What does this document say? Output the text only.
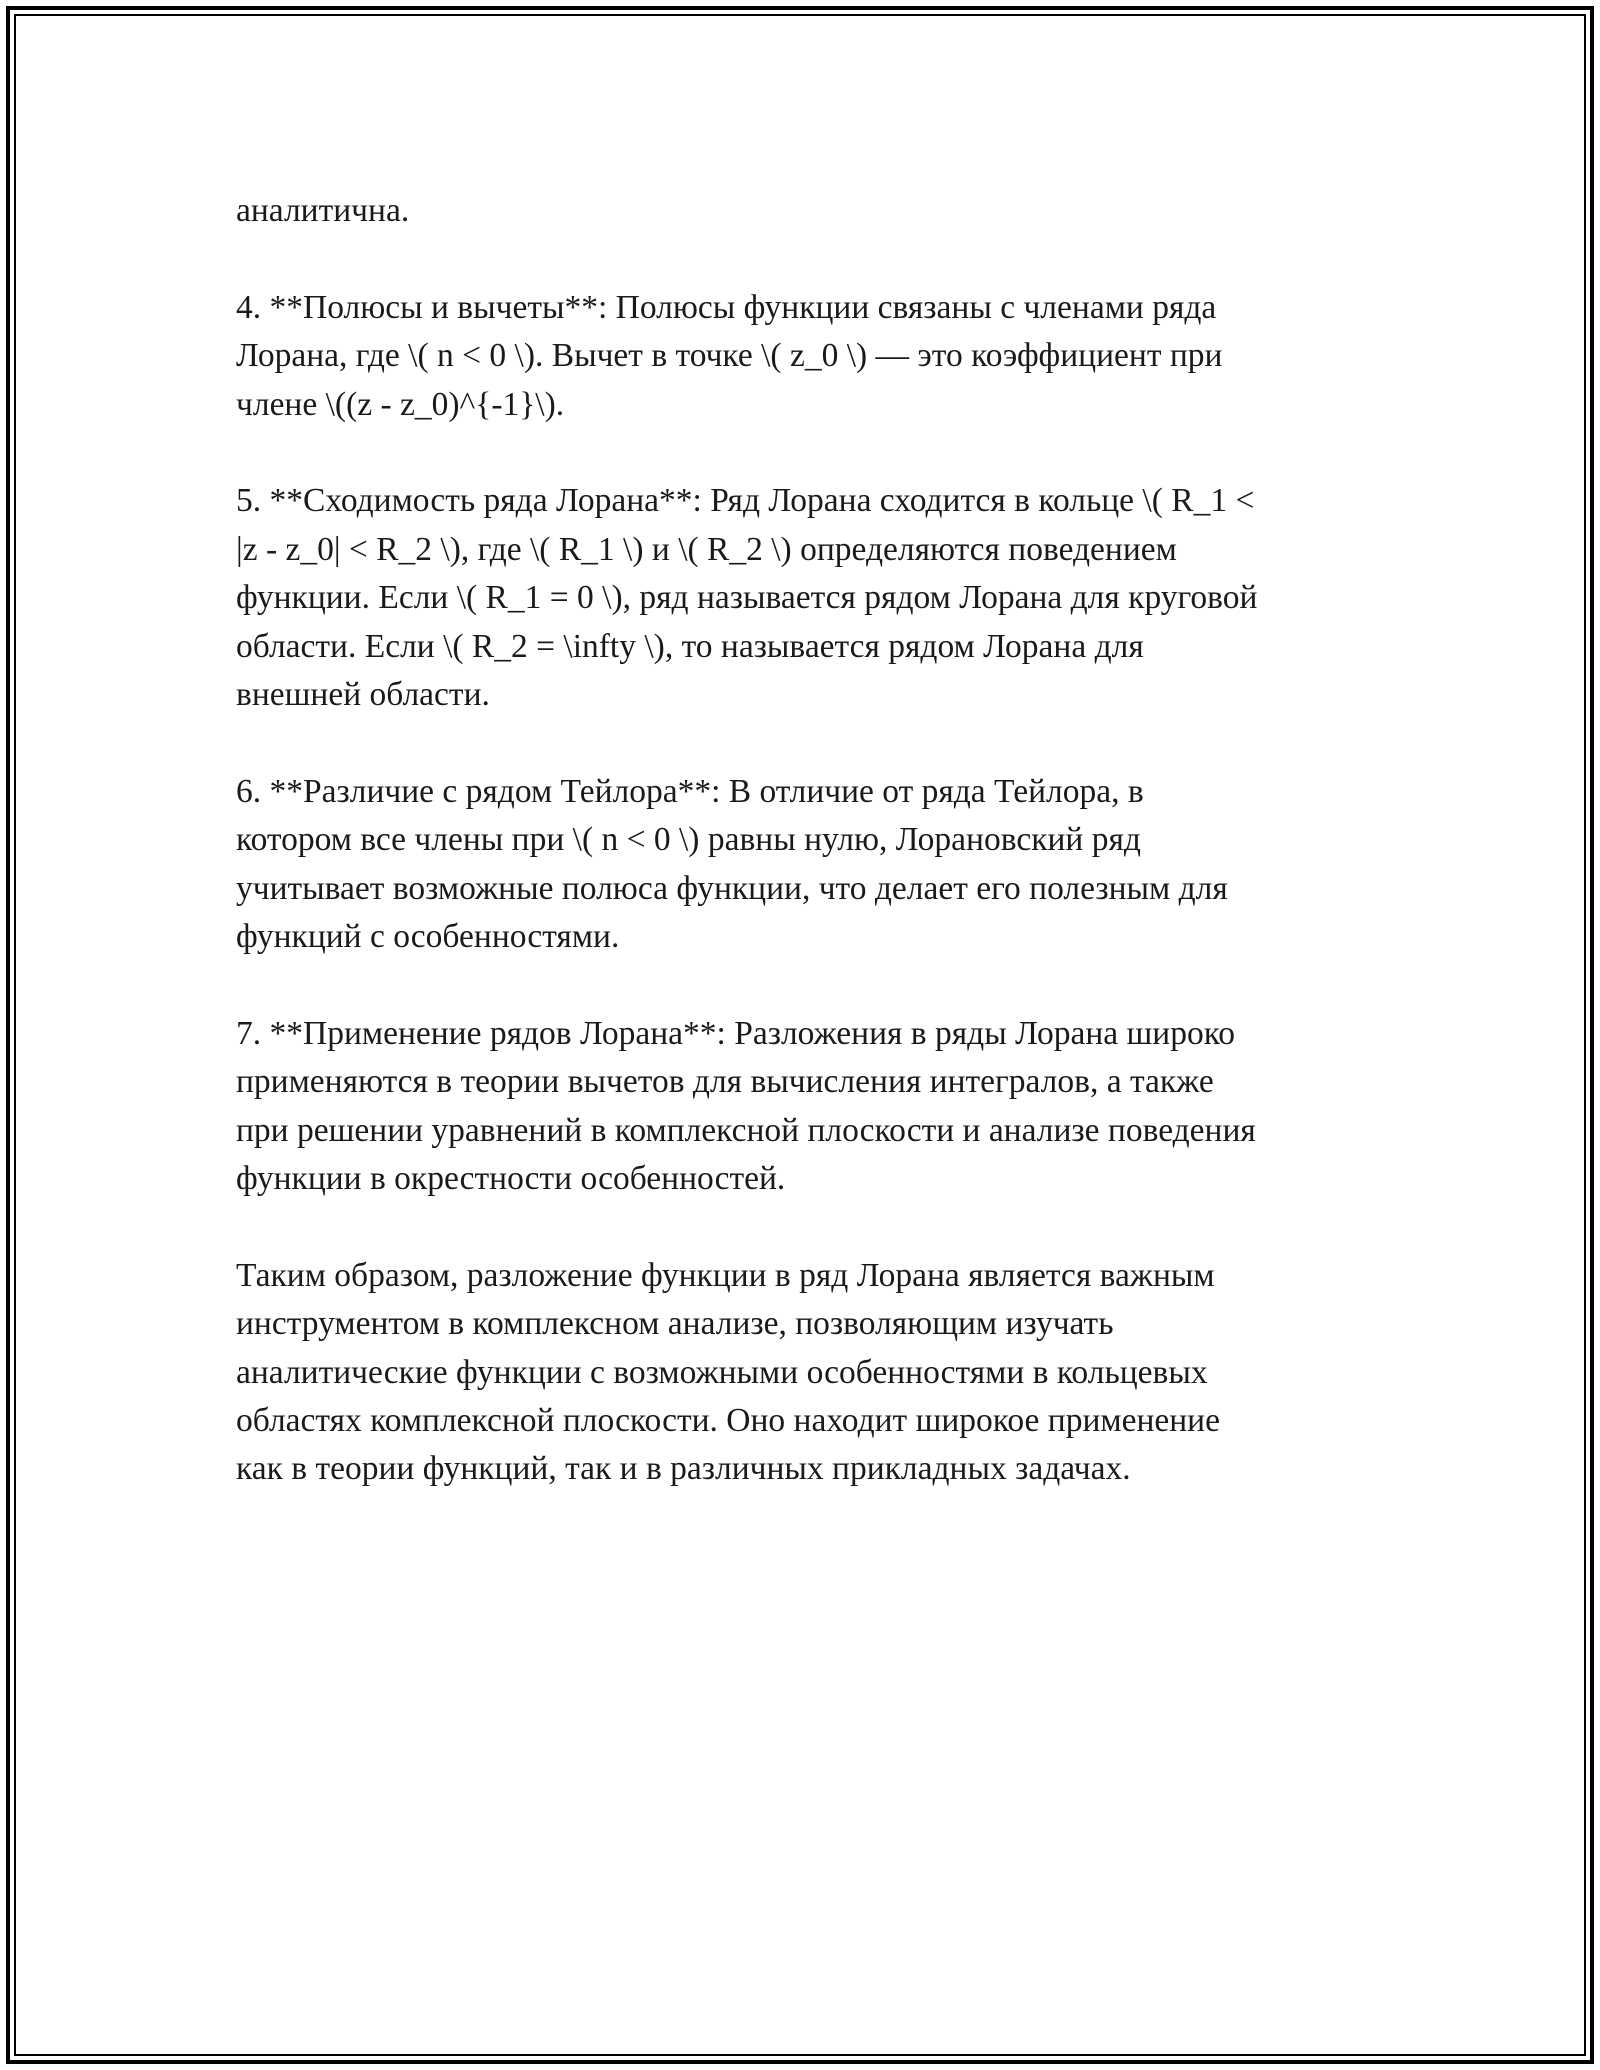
аналитична.

4. **Полюсы и вычеты**: Полюсы функции связаны с членами ряда
Лорана, где \( n < 0 \). Вычет в точке \( z_0 \) — это коэффициент при
члене \((z - z_0)^{-1}\).

5. **Сходимость ряда Лорана**: Ряд Лорана сходится в кольце \( R_1 <
|z - z_0| < R_2 \), где \( R_1 \) и \( R_2 \) определяются поведением
функции. Если \( R_1 = 0 \), ряд называется рядом Лорана для круговой
области. Если \( R_2 = \infty \), то называется рядом Лорана для
внешней области.

6. **Различие с рядом Тейлора**: В отличие от ряда Тейлора, в
котором все члены при \( n < 0 \) равны нулю, Лорановский ряд
учитывает возможные полюса функции, что делает его полезным для
функций с особенностями.

7. **Применение рядов Лорана**: Разложения в ряды Лорана широко
применяются в теории вычетов для вычисления интегралов, а также
при решении уравнений в комплексной плоскости и анализе поведения
функции в окрестности особенностей.

Таким образом, разложение функции в ряд Лорана является важным
инструментом в комплексном анализе, позволяющим изучать
аналитические функции с возможными особенностями в кольцевых
областях комплексной плоскости. Оно находит широкое применение
как в теории функций, так и в различных прикладных задачах.
